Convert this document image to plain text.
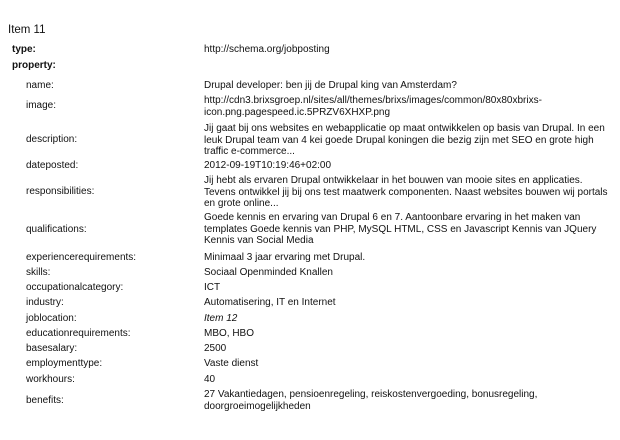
Item 11
type:	http://schema.org/jobposting
property:
name:	Drupal developer: ben jij de Drupal king van Amsterdam?
image:	http://cdn3.brixsgroep.nl/sites/all/themes/brixs/images/common/80x80xbrixs-icon.png.pagespeed.ic.5PRZV6XHXP.png
description:
Jij gaat bij ons websites en webapplicatie op maat ontwikkelen op basis van Drupal. In een leuk Drupal team van 4 kei goede Drupal koningen die bezig zijn met SEO en grote high traffic e-commerce...
dateposted:	2012-09-19T10:19:46+02:00
responsibilities:
Jij hebt als ervaren Drupal ontwikkelaar in het bouwen van mooie sites en applicaties. Tevens ontwikkel jij bij ons test maatwerk componenten. Naast websites bouwen wij portals en grote online...
qualifications:
Goede kennis en ervaring van Drupal 6 en 7. Aantoonbare ervaring in het maken van templates Goede kennis van PHP, MySQL HTML, CSS en Javascript Kennis van JQuery Kennis van Social Media
experiencerequirements:	Minimaal 3 jaar ervaring met Drupal.
skills:	Sociaal Openminded Knallen
occupationalcategory:	ICT
industry:	Automatisering, IT en Internet
joblocation:	Item 12
educationrequirements:	MBO, HBO
basesalary:	2500
employmenttype:	Vaste dienst
workhours:	40
benefits:
27 Vakantiedagen, pensioenregeling, reiskostenvergoeding, bonusregeling, doorgroeimogelijkheden
